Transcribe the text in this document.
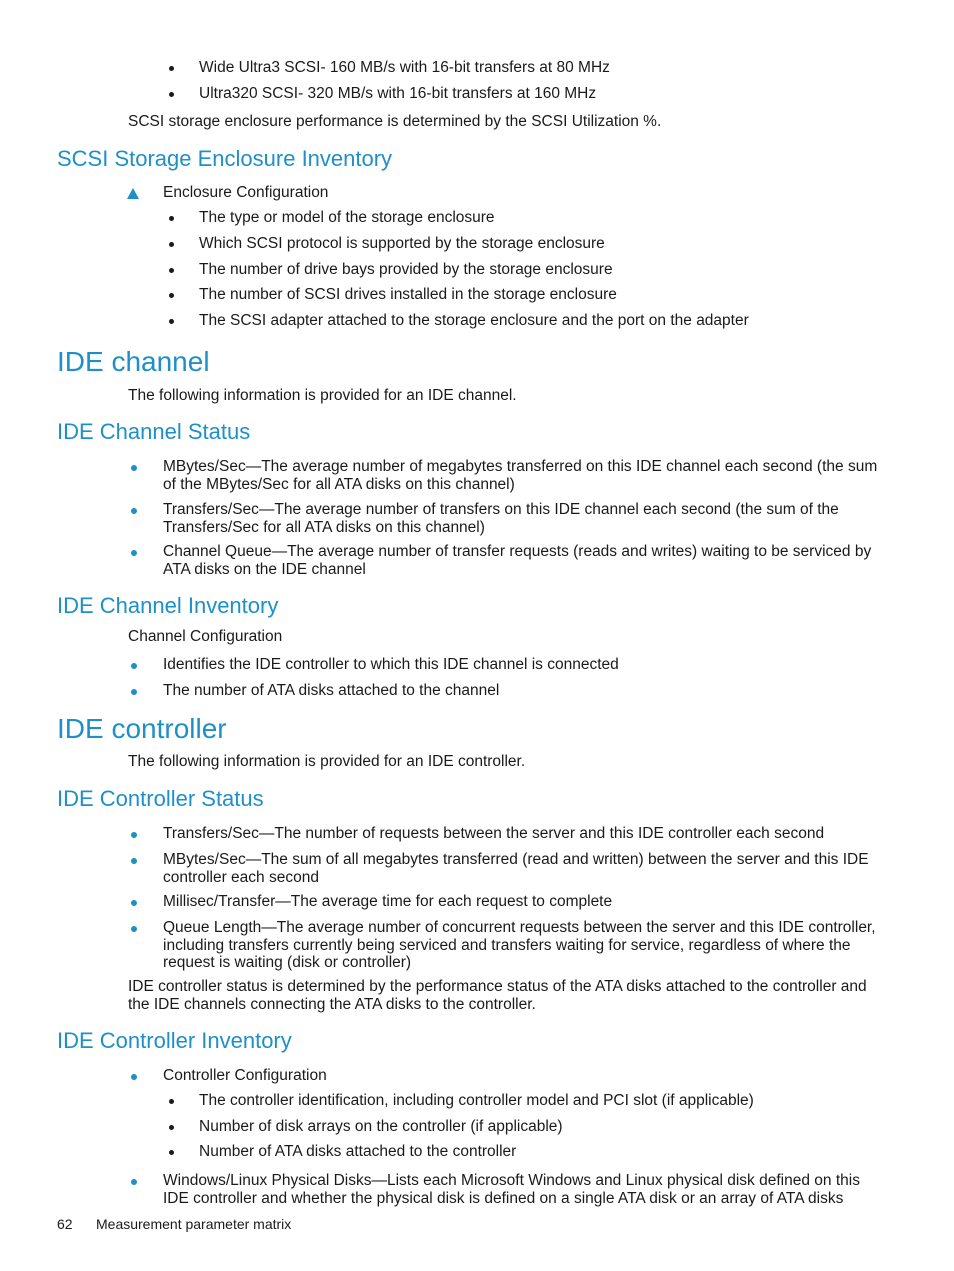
Wide Ultra3 SCSI- 160 MB/s with 16-bit transfers at 80 MHz
Ultra320 SCSI- 320 MB/s with 16-bit transfers at 160 MHz
SCSI storage enclosure performance is determined by the SCSI Utilization %.
SCSI Storage Enclosure Inventory
Enclosure Configuration
The type or model of the storage enclosure
Which SCSI protocol is supported by the storage enclosure
The number of drive bays provided by the storage enclosure
The number of SCSI drives installed in the storage enclosure
The SCSI adapter attached to the storage enclosure and the port on the adapter
IDE channel
The following information is provided for an IDE channel.
IDE Channel Status
MBytes/Sec—The average number of megabytes transferred on this IDE channel each second (the sum of the MBytes/Sec for all ATA disks on this channel)
Transfers/Sec—The average number of transfers on this IDE channel each second (the sum of the Transfers/Sec for all ATA disks on this channel)
Channel Queue—The average number of transfer requests (reads and writes) waiting to be serviced by ATA disks on the IDE channel
IDE Channel Inventory
Channel Configuration
Identifies the IDE controller to which this IDE channel is connected
The number of ATA disks attached to the channel
IDE controller
The following information is provided for an IDE controller.
IDE Controller Status
Transfers/Sec—The number of requests between the server and this IDE controller each second
MBytes/Sec—The sum of all megabytes transferred (read and written) between the server and this IDE controller each second
Millisec/Transfer—The average time for each request to complete
Queue Length—The average number of concurrent requests between the server and this IDE controller, including transfers currently being serviced and transfers waiting for service, regardless of where the request is waiting (disk or controller)
IDE controller status is determined by the performance status of the ATA disks attached to the controller and the IDE channels connecting the ATA disks to the controller.
IDE Controller Inventory
Controller Configuration
The controller identification, including controller model and PCI slot (if applicable)
Number of disk arrays on the controller (if applicable)
Number of ATA disks attached to the controller
Windows/Linux Physical Disks—Lists each Microsoft Windows and Linux physical disk defined on this IDE controller and whether the physical disk is defined on a single ATA disk or an array of ATA disks
62 Measurement parameter matrix
